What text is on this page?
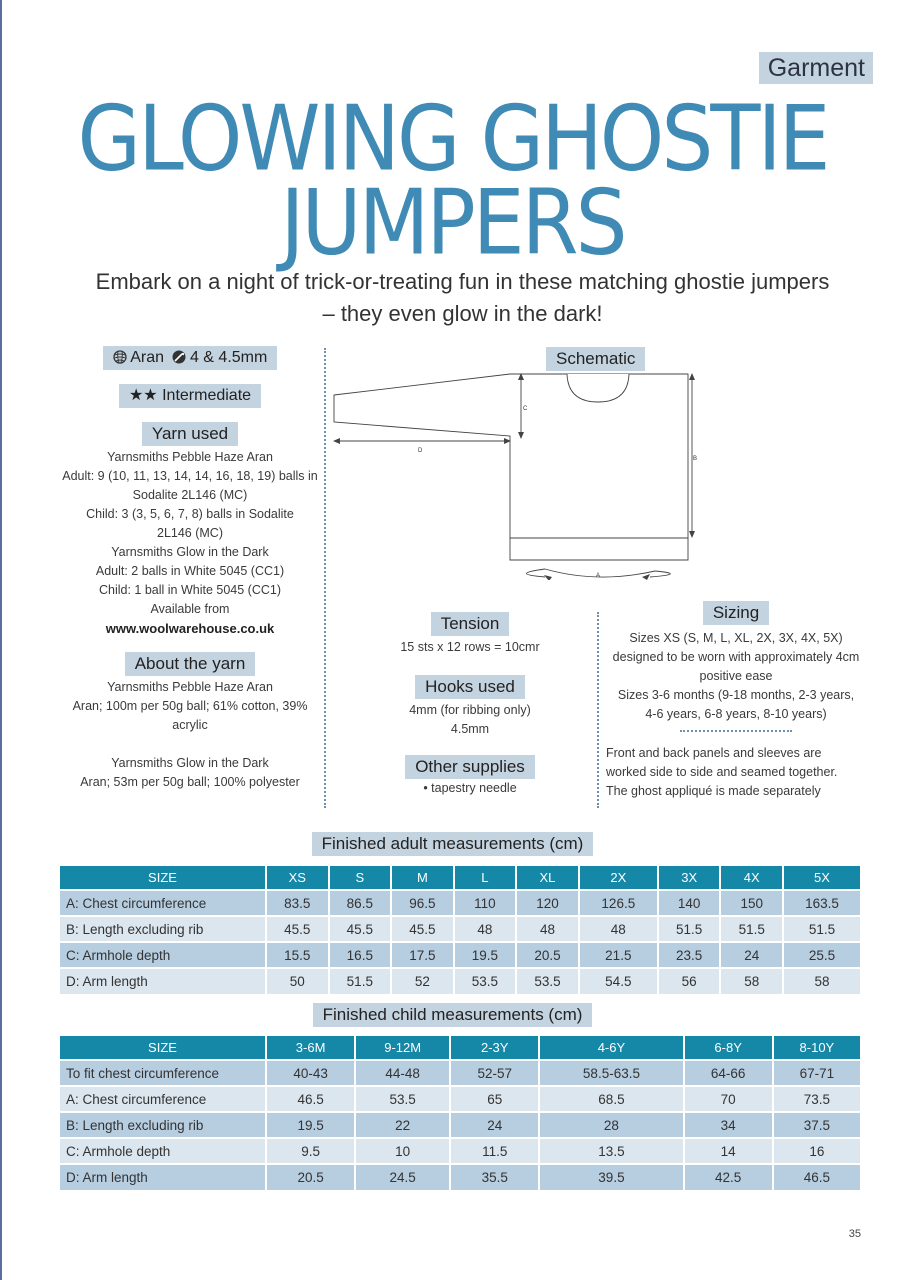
Garment
GLOWING GHOSTIE
JUMPERS
Embark on a night of trick-or-treating fun in these matching ghostie jumpers – they even glow in the dark!
Aran 4 & 4.5mm
★★ Intermediate
Yarn used
Yarnsmiths Pebble Haze Aran
Adult: 9 (10, 11, 13, 14, 14, 16, 18, 19) balls in Sodalite 2L146 (MC)
Child: 3 (3, 5, 6, 7, 8) balls in Sodalite 2L146 (MC)
Yarnsmiths Glow in the Dark
Adult: 2 balls in White 5045 (CC1)
Child: 1 ball in White 5045 (CC1)
Available from
www.woolwarehouse.co.uk
About the yarn
Yarnsmiths Pebble Haze Aran
Aran; 100m per 50g ball; 61% cotton, 39% acrylic
Yarnsmiths Glow in the Dark
Aran; 53m per 50g ball; 100% polyester
Schematic
C
B
D
A
Tension
15 sts x 12 rows = 10cmr
Hooks used
4mm (for ribbing only)
4.5mm
Other supplies
• tapestry needle
Sizing
Sizes XS (S, M, L, XL, 2X, 3X, 4X, 5X) designed to be worn with approximately 4cm positive ease
Sizes 3-6 months (9-18 months, 2-3 years, 4-6 years, 6-8 years, 8-10 years)
Front and back panels and sleeves are worked side to side and seamed together. The ghost appliqué is made separately
Finished adult measurements (cm)
SIZE	XS	S	M	L	XL	2X	3X	4X	5X
A: Chest circumference	83.5	86.5	96.5	110	120	126.5	140	150	163.5
B: Length excluding rib	45.5	45.5	45.5	48	48	48	51.5	51.5	51.5
C: Armhole depth	15.5	16.5	17.5	19.5	20.5	21.5	23.5	24	25.5
D: Arm length	50	51.5	52	53.5	53.5	54.5	56	58	58
Finished child measurements (cm)
SIZE	3-6M	9-12M	2-3Y	4-6Y	6-8Y	8-10Y
To fit chest circumference	40-43	44-48	52-57	58.5-63.5	64-66	67-71
A: Chest circumference	46.5	53.5	65	68.5	70	73.5
B: Length excluding rib	19.5	22	24	28	34	37.5
C: Armhole depth	9.5	10	11.5	13.5	14	16
D: Arm length	20.5	24.5	35.5	39.5	42.5	46.5
35
